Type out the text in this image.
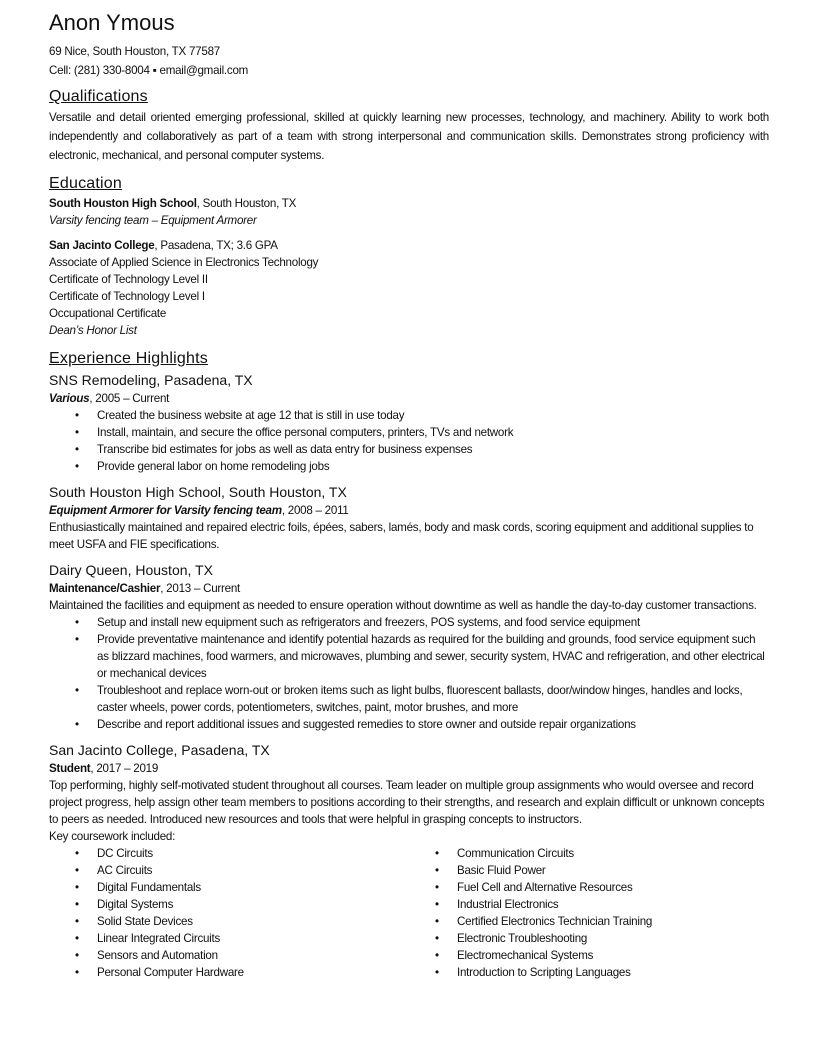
Anon Ymous
69 Nice, South Houston, TX 77587
Cell: (281) 330-8004 ▪ email@gmail.com
Qualifications
Versatile and detail oriented emerging professional, skilled at quickly learning new processes, technology, and machinery. Ability to work both independently and collaboratively as part of a team with strong interpersonal and communication skills. Demonstrates strong proficiency with electronic, mechanical, and personal computer systems.
Education
South Houston High School, South Houston, TX
Varsity fencing team – Equipment Armorer
San Jacinto College, Pasadena, TX; 3.6 GPA
Associate of Applied Science in Electronics Technology
Certificate of Technology Level II
Certificate of Technology Level I
Occupational Certificate
Dean’s Honor List
Experience Highlights
SNS Remodeling, Pasadena, TX
Various, 2005 – Current
• Created the business website at age 12 that is still in use today
• Install, maintain, and secure the office personal computers, printers, TVs and network
• Transcribe bid estimates for jobs as well as data entry for business expenses
• Provide general labor on home remodeling jobs
South Houston High School, South Houston, TX
Equipment Armorer for Varsity fencing team, 2008 – 2011
Enthusiastically maintained and repaired electric foils, épées, sabers, lamés, body and mask cords, scoring equipment and additional supplies to meet USFA and FIE specifications.
Dairy Queen, Houston, TX
Maintenance/Cashier, 2013 – Current
Maintained the facilities and equipment as needed to ensure operation without downtime as well as handle the day-to-day customer transactions.
• Setup and install new equipment such as refrigerators and freezers, POS systems, and food service equipment
• Provide preventative maintenance and identify potential hazards as required for the building and grounds, food service equipment such as blizzard machines, food warmers, and microwaves, plumbing and sewer, security system, HVAC and refrigeration, and other electrical or mechanical devices
• Troubleshoot and replace worn-out or broken items such as light bulbs, fluorescent ballasts, door/window hinges, handles and locks, caster wheels, power cords, potentiometers, switches, paint, motor brushes, and more
• Describe and report additional issues and suggested remedies to store owner and outside repair organizations
San Jacinto College, Pasadena, TX
Student, 2017 – 2019
Top performing, highly self-motivated student throughout all courses. Team leader on multiple group assignments who would oversee and record project progress, help assign other team members to positions according to their strengths, and research and explain difficult or unknown concepts to peers as needed. Introduced new resources and tools that were helpful in grasping concepts to instructors.
Key coursework included:
• DC Circuits
• AC Circuits
• Digital Fundamentals
• Digital Systems
• Solid State Devices
• Linear Integrated Circuits
• Sensors and Automation
• Personal Computer Hardware
• Communication Circuits
• Basic Fluid Power
• Fuel Cell and Alternative Resources
• Industrial Electronics
• Certified Electronics Technician Training
• Electronic Troubleshooting
• Electromechanical Systems
• Introduction to Scripting Languages
